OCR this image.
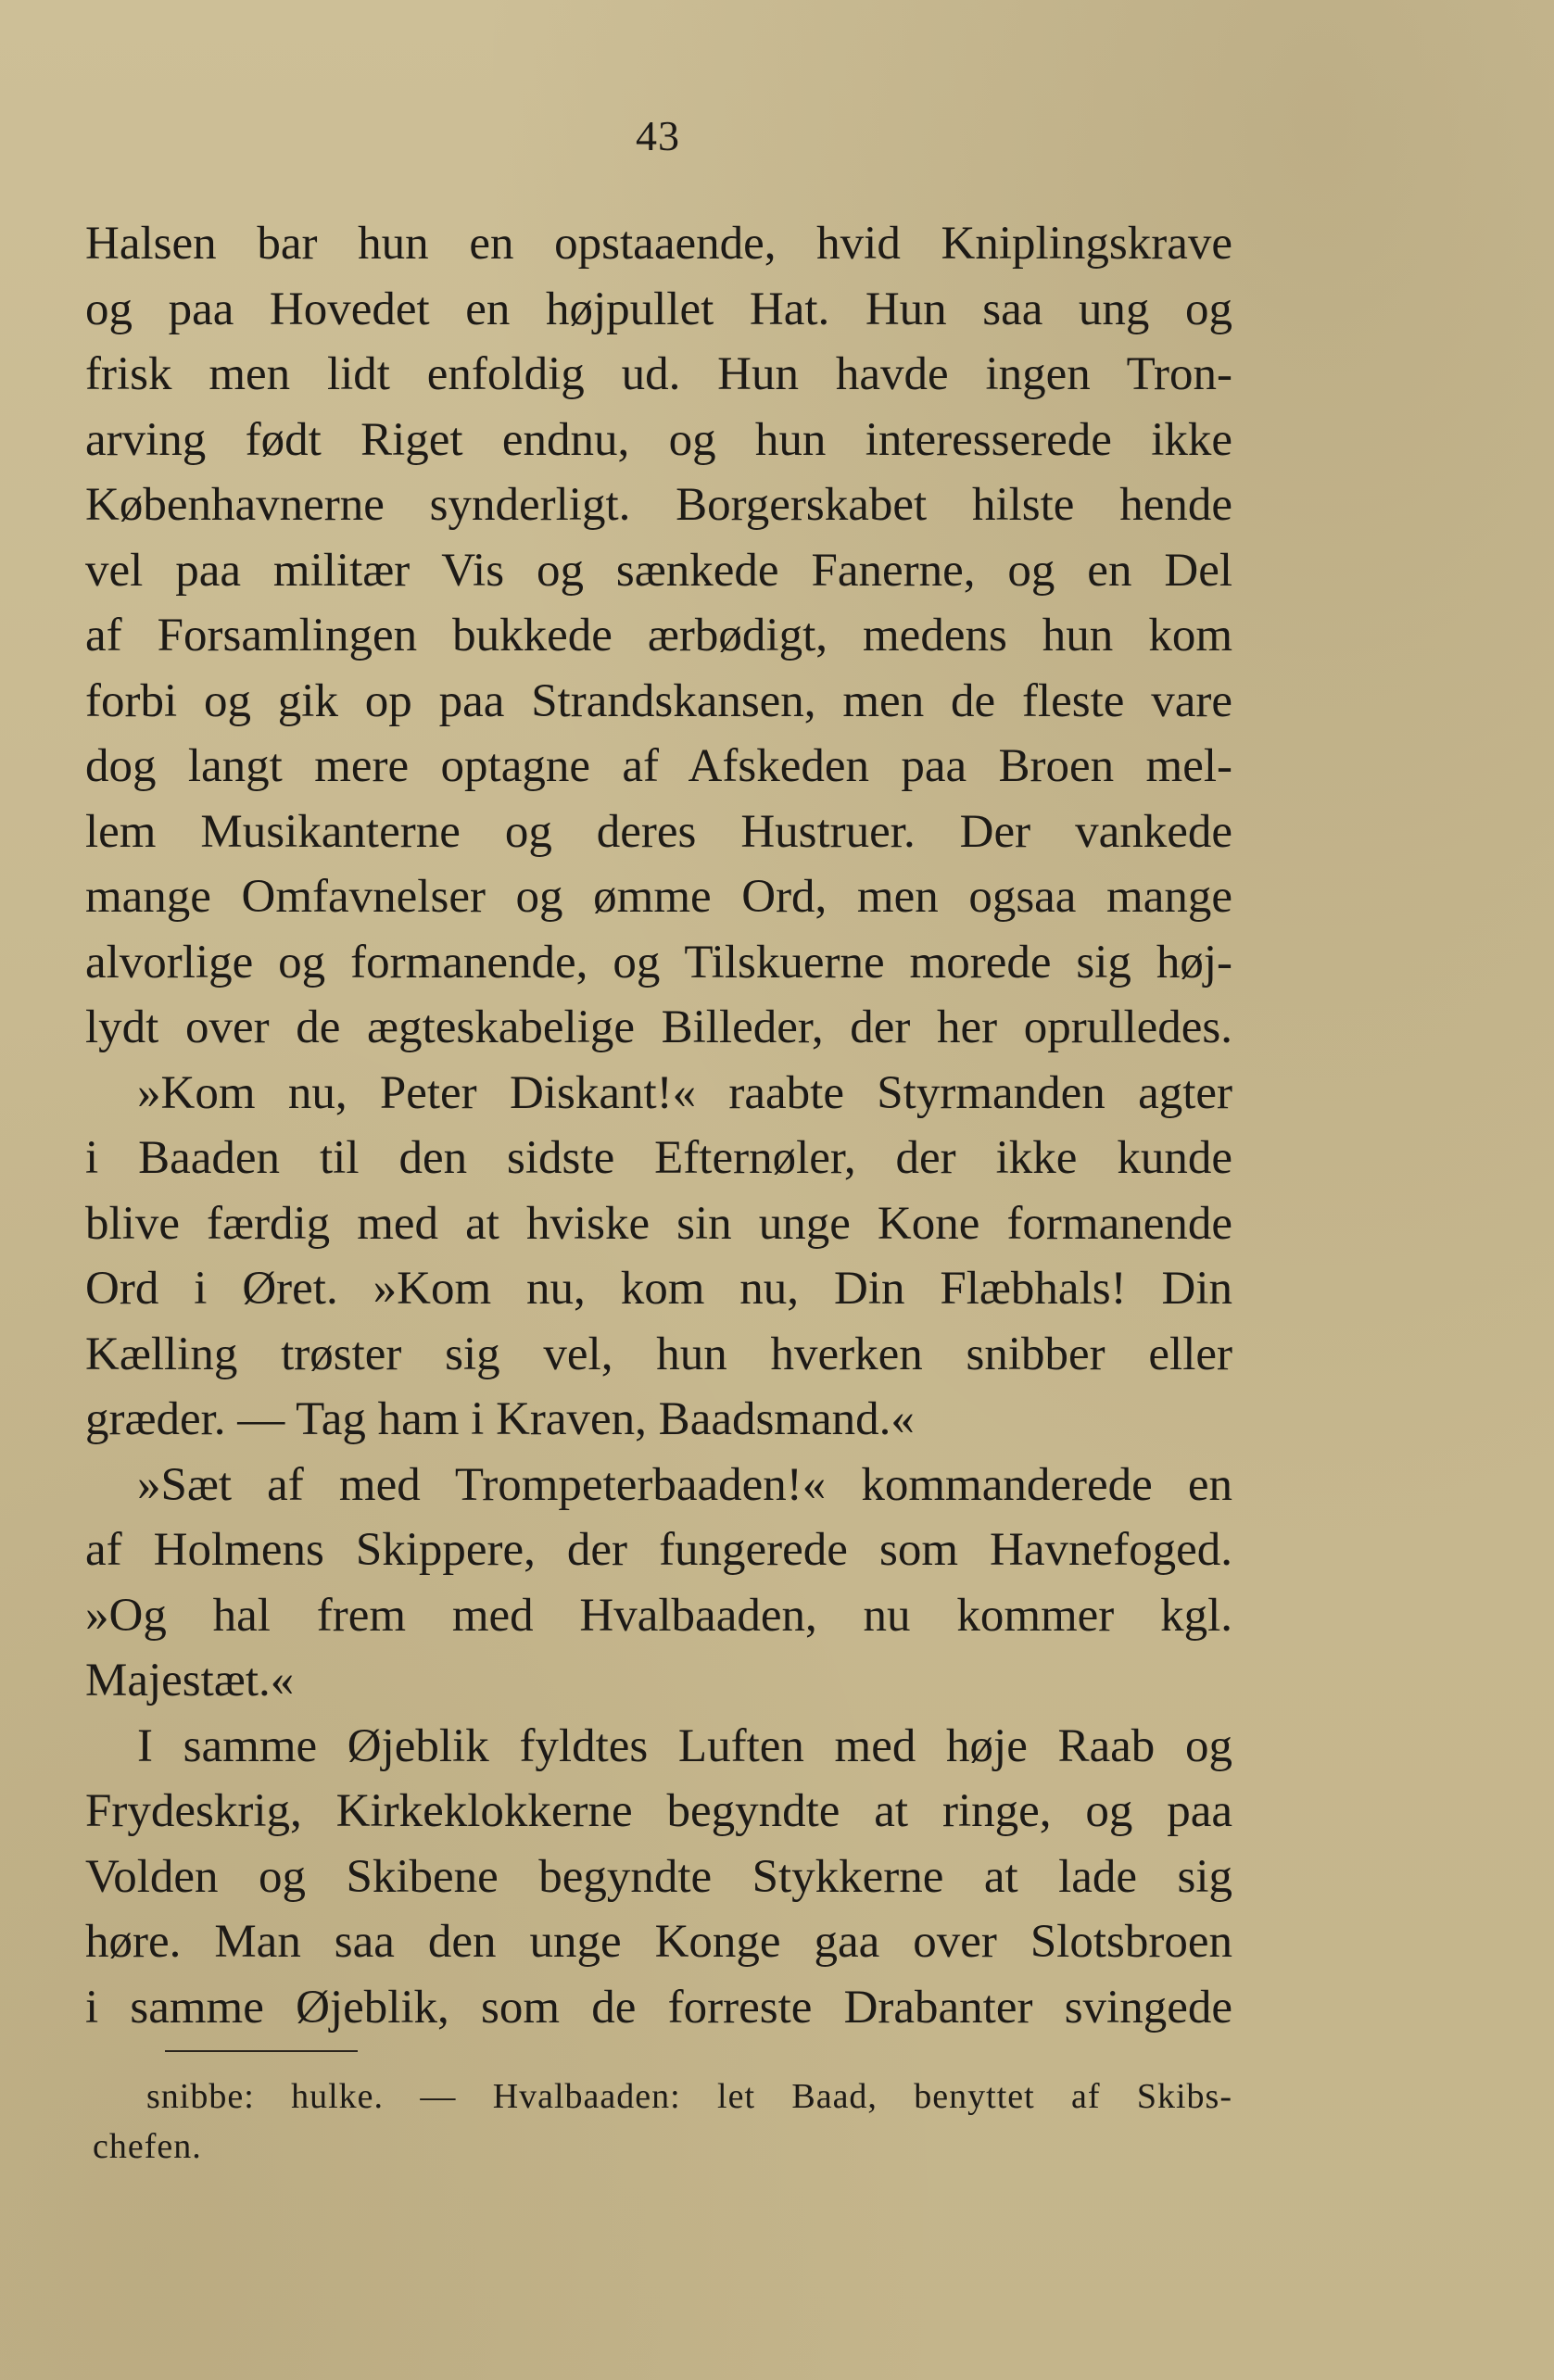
43
Halsen bar hun en opstaaende, hvid Kniplingskrave
og paa Hovedet en højpullet Hat. Hun saa ung og
frisk men lidt enfoldig ud. Hun havde ingen Tron-
arving født Riget endnu, og hun interesserede ikke
Københavnerne synderligt. Borgerskabet hilste hende
vel paa militær Vis og sænkede Fanerne, og en Del
af Forsamlingen bukkede ærbødigt, medens hun kom
forbi og gik op paa Strandskansen, men de fleste vare
dog langt mere optagne af Afskeden paa Broen mel-
lem Musikanterne og deres Hustruer. Der vankede
mange Omfavnelser og ømme Ord, men ogsaa mange
alvorlige og formanende, og Tilskuerne morede sig høj-
lydt over de ægteskabelige Billeder, der her oprulledes.
»Kom nu, Peter Diskant!« raabte Styrmanden agter
i Baaden til den sidste Efternøler, der ikke kunde
blive færdig med at hviske sin unge Kone formanende
Ord i Øret. »Kom nu, kom nu, Din Flæbhals! Din
Kælling trøster sig vel, hun hverken snibber eller
græder. — Tag ham i Kraven, Baadsmand.«
»Sæt af med Trompeterbaaden!« kommanderede en
af Holmens Skippere, der fungerede som Havnefoged.
»Og hal frem med Hvalbaaden, nu kommer kgl.
Majestæt.«
I samme Øjeblik fyldtes Luften med høje Raab og
Frydeskrig, Kirkeklokkerne begyndte at ringe, og paa
Volden og Skibene begyndte Stykkerne at lade sig
høre. Man saa den unge Konge gaa over Slotsbroen
i samme Øjeblik, som de forreste Drabanter svingede
snibbe: hulke. — Hvalbaaden: let Baad, benyttet af Skibs-
chefen.
